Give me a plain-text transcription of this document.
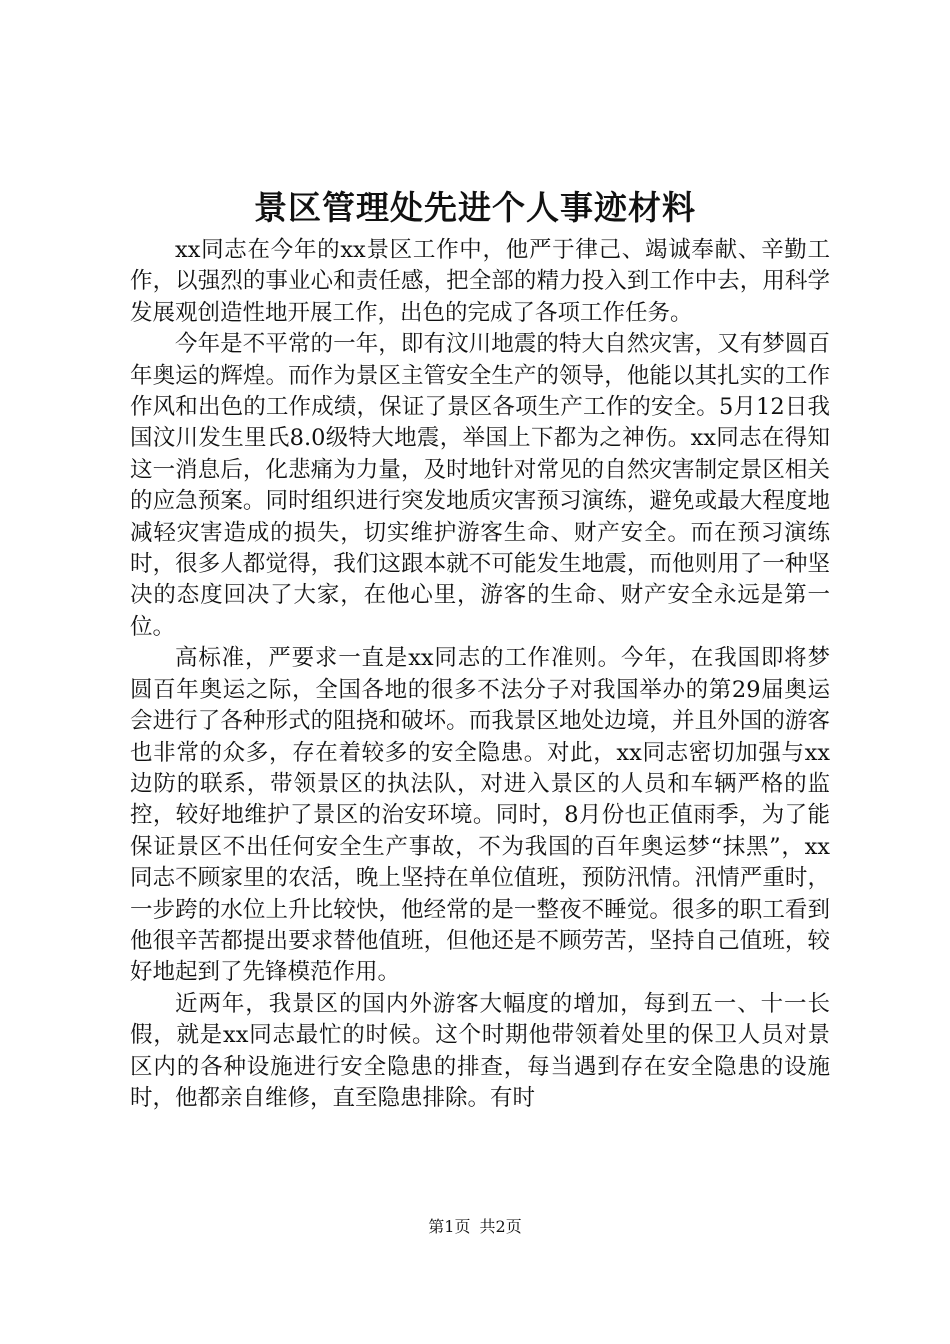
景区管理处先进个人事迹材料

xx同志在今年的xx景区工作中，他严于律己、竭诚奉献、辛勤工作，以强烈的事业心和责任感，把全部的精力投入到工作中去，用科学发展观创造性地开展工作，出色的完成了各项工作任务。

今年是不平常的一年，即有汶川地震的特大自然灾害，又有梦圆百年奥运的辉煌。而作为景区主管安全生产的领导，他能以其扎实的工作作风和出色的工作成绩，保证了景区各项生产工作的安全。5月12日我国汶川发生里氏8.0级特大地震，举国上下都为之神伤。xx同志在得知这一消息后，化悲痛为力量，及时地针对常见的自然灾害制定景区相关的应急预案。同时组织进行突发地质灾害预习演练，避免或最大程度地减轻灾害造成的损失，切实维护游客生命、财产安全。而在预习演练时，很多人都觉得，我们这跟本就不可能发生地震，而他则用了一种坚决的态度回决了大家，在他心里，游客的生命、财产安全永远是第一位。

高标准，严要求一直是xx同志的工作准则。今年，在我国即将梦圆百年奥运之际，全国各地的很多不法分子对我国举办的第29届奥运会进行了各种形式的阻挠和破坏。而我景区地处边境，并且外国的游客也非常的众多，存在着较多的安全隐患。对此，xx同志密切加强与xx边防的联系，带领景区的执法队，对进入景区的人员和车辆严格的监控，较好地维护了景区的治安环境。同时，8月份也正值雨季，为了能保证景区不出任何安全生产事故，不为我国的百年奥运梦“抹黑”，xx同志不顾家里的农活，晚上坚持在单位值班，预防汛情。汛情严重时，一步跨的水位上升比较快，他经常的是一整夜不睡觉。很多的职工看到他很辛苦都提出要求替他值班，但他还是不顾劳苦，坚持自己值班，较好地起到了先锋模范作用。

近两年，我景区的国内外游客大幅度的增加，每到五一、十一长假，就是xx同志最忙的时候。这个时期他带领着处里的保卫人员对景区内的各种设施进行安全隐患的排查，每当遇到存在安全隐患的设施时，他都亲自维修，直至隐患排除。有时

第1页 共2页
